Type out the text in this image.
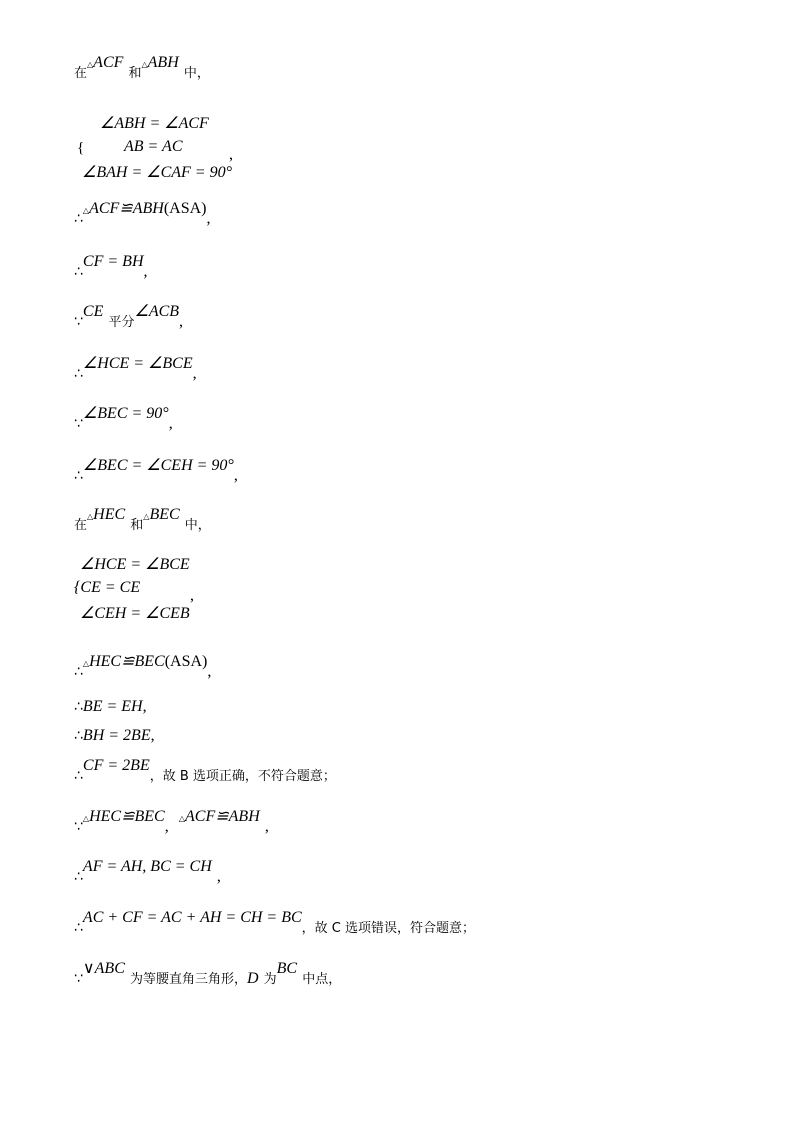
在△ACF 和△ABH 中，
∠ABH = ∠ACF
{ AB = AC	,
∠BAH = ∠CAF = 90°
∴△ACF≌ABH(ASA),
∴CF = BH,
∵CE 平分∠ACB,
∴∠HCE = ∠BCE,
∵∠BEC = 90°,
∴∠BEC = ∠CEH = 90°,
在△HEC 和△BEC 中，
∠HCE = ∠BCE
{CE = CE	,
∠CEH = ∠CEB
∴△HEC≌BEC(ASA),
∴BE = EH,
∴BH = 2BE,
∴CF = 2BE，故 B 选项正确，不符合题意；
∵△HEC≌BEC, △ACF≌ABH ,
∴AF = AH, BC = CH ,
∴AC + CF = AC + AH = CH = BC，故 C 选项错误，符合题意；
∵∨ABC 为等腰直角三角形，D 为BC 中点，
